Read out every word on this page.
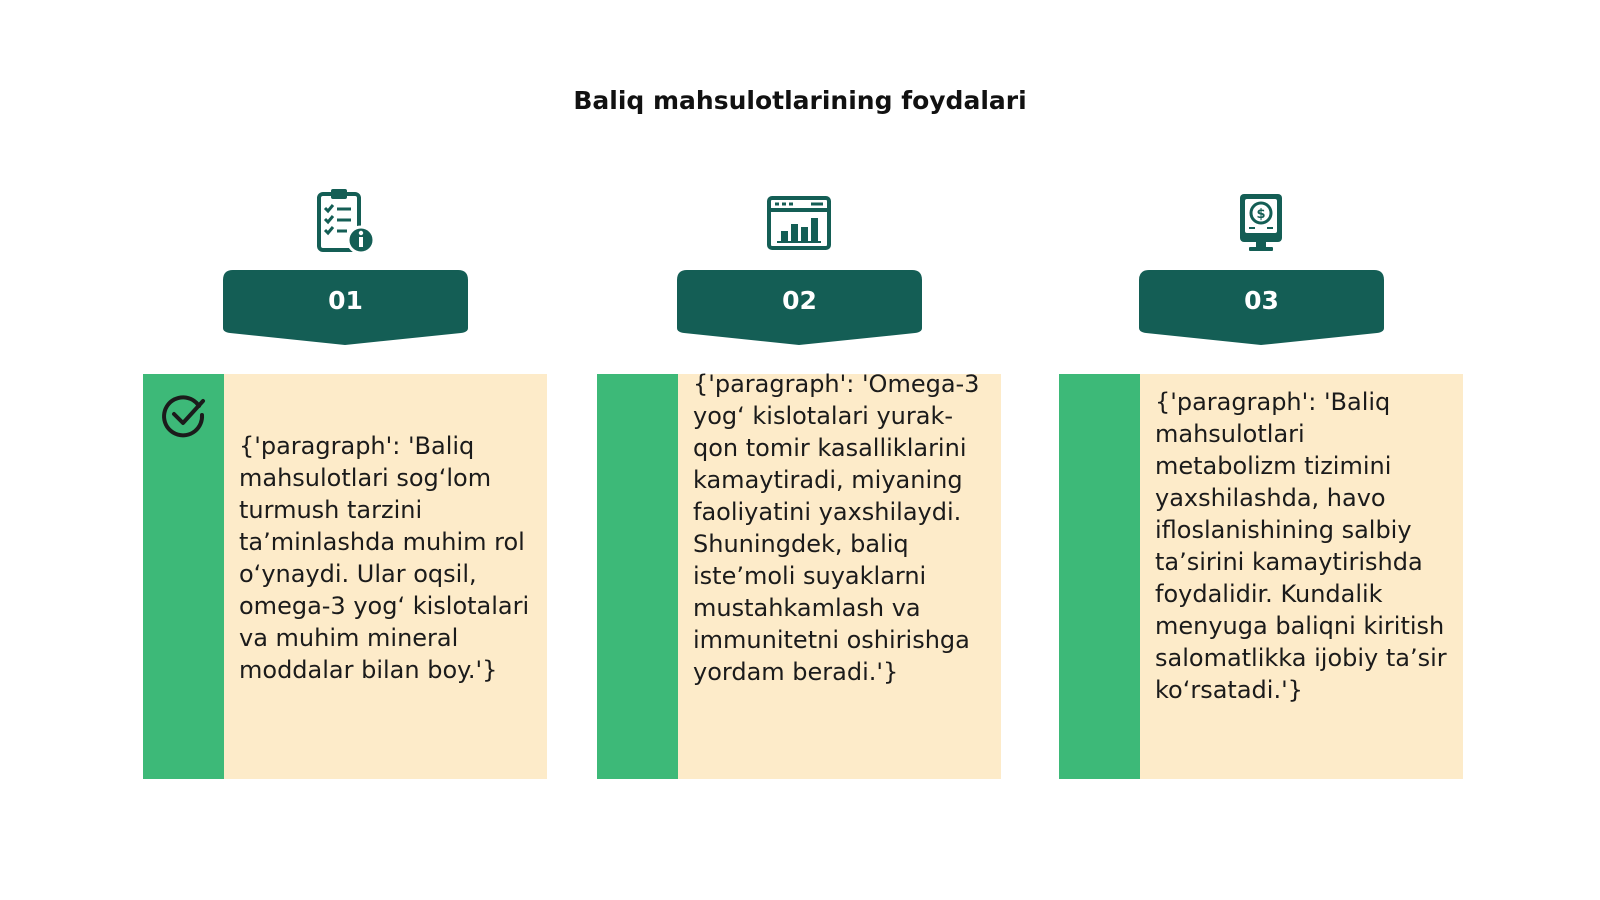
Baliq mahsulotlarining foydalari
01
{'paragraph': 'Baliq mahsulotlari sog‘lom turmush tarzini ta’minlashda muhim rol o‘ynaydi. Ular oqsil, omega-3 yog‘ kislotalari va muhim mineral moddalar bilan boy.'}
02
{'paragraph': 'Omega-3 yog‘ kislotalari yurak-qon tomir kasalliklarini kamaytiradi, miyaning faoliyatini yaxshilaydi. Shuningdek, baliq iste’moli suyaklarni mustahkamlash va immunitetni oshirishga yordam beradi.'}
$
03
{'paragraph': 'Baliq mahsulotlari metabolizm tizimini yaxshilashda, havo ifloslanishining salbiy ta’sirini kamaytirishda foydalidir. Kundalik menyuga baliqni kiritish salomatlikka ijobiy ta’sir ko‘rsatadi.'}
